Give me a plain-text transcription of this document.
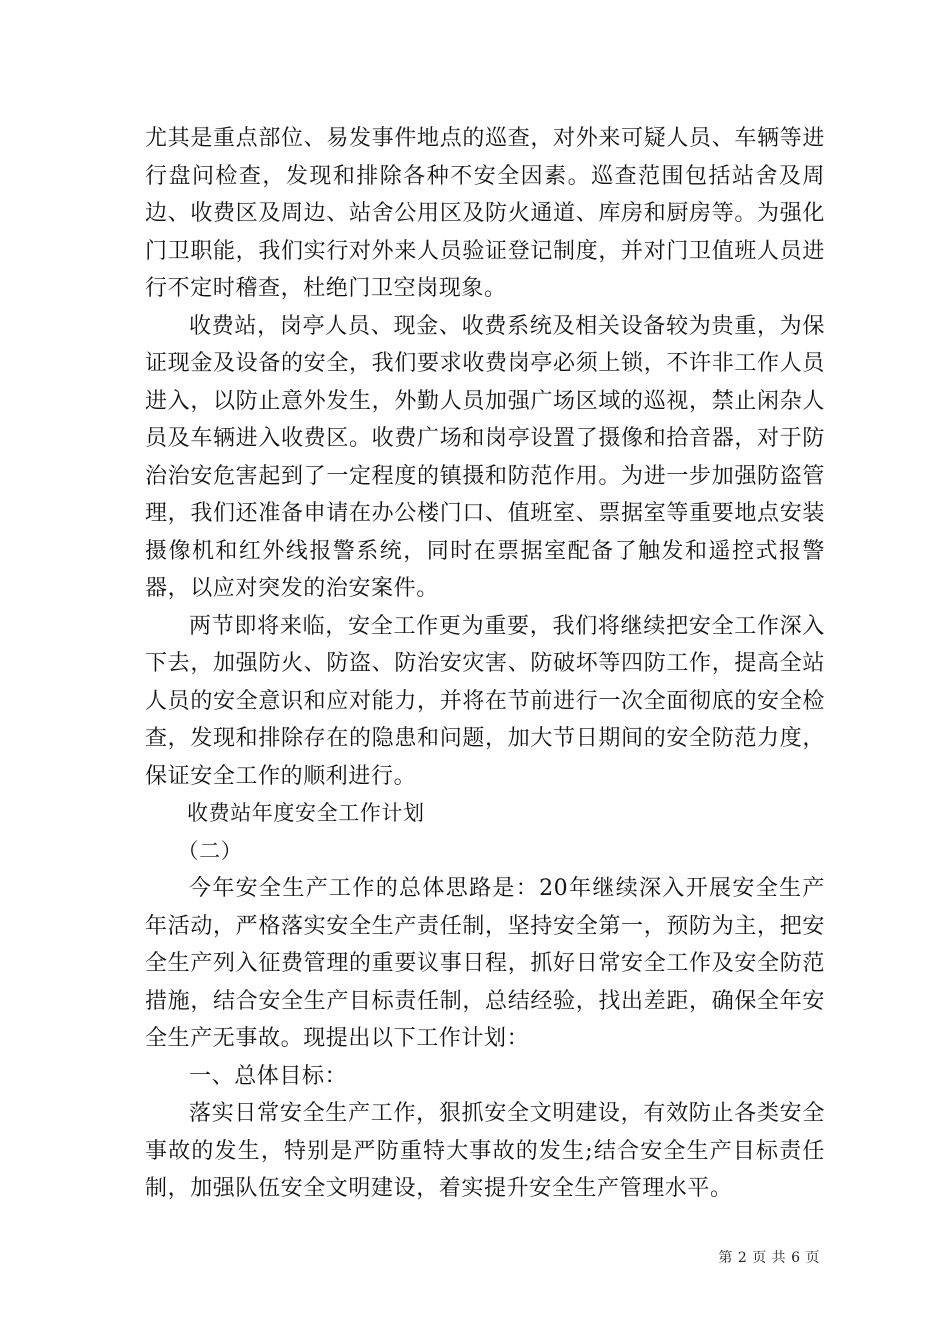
尤其是重点部位、易发事件地点的巡查，对外来可疑人员、车辆等进行盘问检查，发现和排除各种不安全因素。巡查范围包括站舍及周边、收费区及周边、站舍公用区及防火通道、库房和厨房等。为强化门卫职能，我们实行对外来人员验证登记制度，并对门卫值班人员进行不定时稽查，杜绝门卫空岗现象。

收费站，岗亭人员、现金、收费系统及相关设备较为贵重，为保证现金及设备的安全，我们要求收费岗亭必须上锁，不许非工作人员进入，以防止意外发生，外勤人员加强广场区域的巡视，禁止闲杂人员及车辆进入收费区。收费广场和岗亭设置了摄像和拾音器，对于防治治安危害起到了一定程度的镇摄和防范作用。为进一步加强防盗管理，我们还准备申请在办公楼门口、值班室、票据室等重要地点安装摄像机和红外线报警系统，同时在票据室配备了触发和遥控式报警器，以应对突发的治安案件。

两节即将来临，安全工作更为重要，我们将继续把安全工作深入下去，加强防火、防盗、防治安灾害、防破坏等四防工作，提高全站人员的安全意识和应对能力，并将在节前进行一次全面彻底的安全检查，发现和排除存在的隐患和问题，加大节日期间的安全防范力度，保证安全工作的顺利进行。

收费站年度安全工作计划

（二）

今年安全生产工作的总体思路是：20年继续深入开展安全生产年活动，严格落实安全生产责任制，坚持安全第一，预防为主，把安全生产列入征费管理的重要议事日程，抓好日常安全工作及安全防范措施，结合安全生产目标责任制，总结经验，找出差距，确保全年安全生产无事故。现提出以下工作计划：

一、总体目标：

落实日常安全生产工作，狠抓安全文明建设，有效防止各类安全事故的发生，特别是严防重特大事故的发生;结合安全生产目标责任制，加强队伍安全文明建设，着实提升安全生产管理水平。

第 2 页 共 6 页
